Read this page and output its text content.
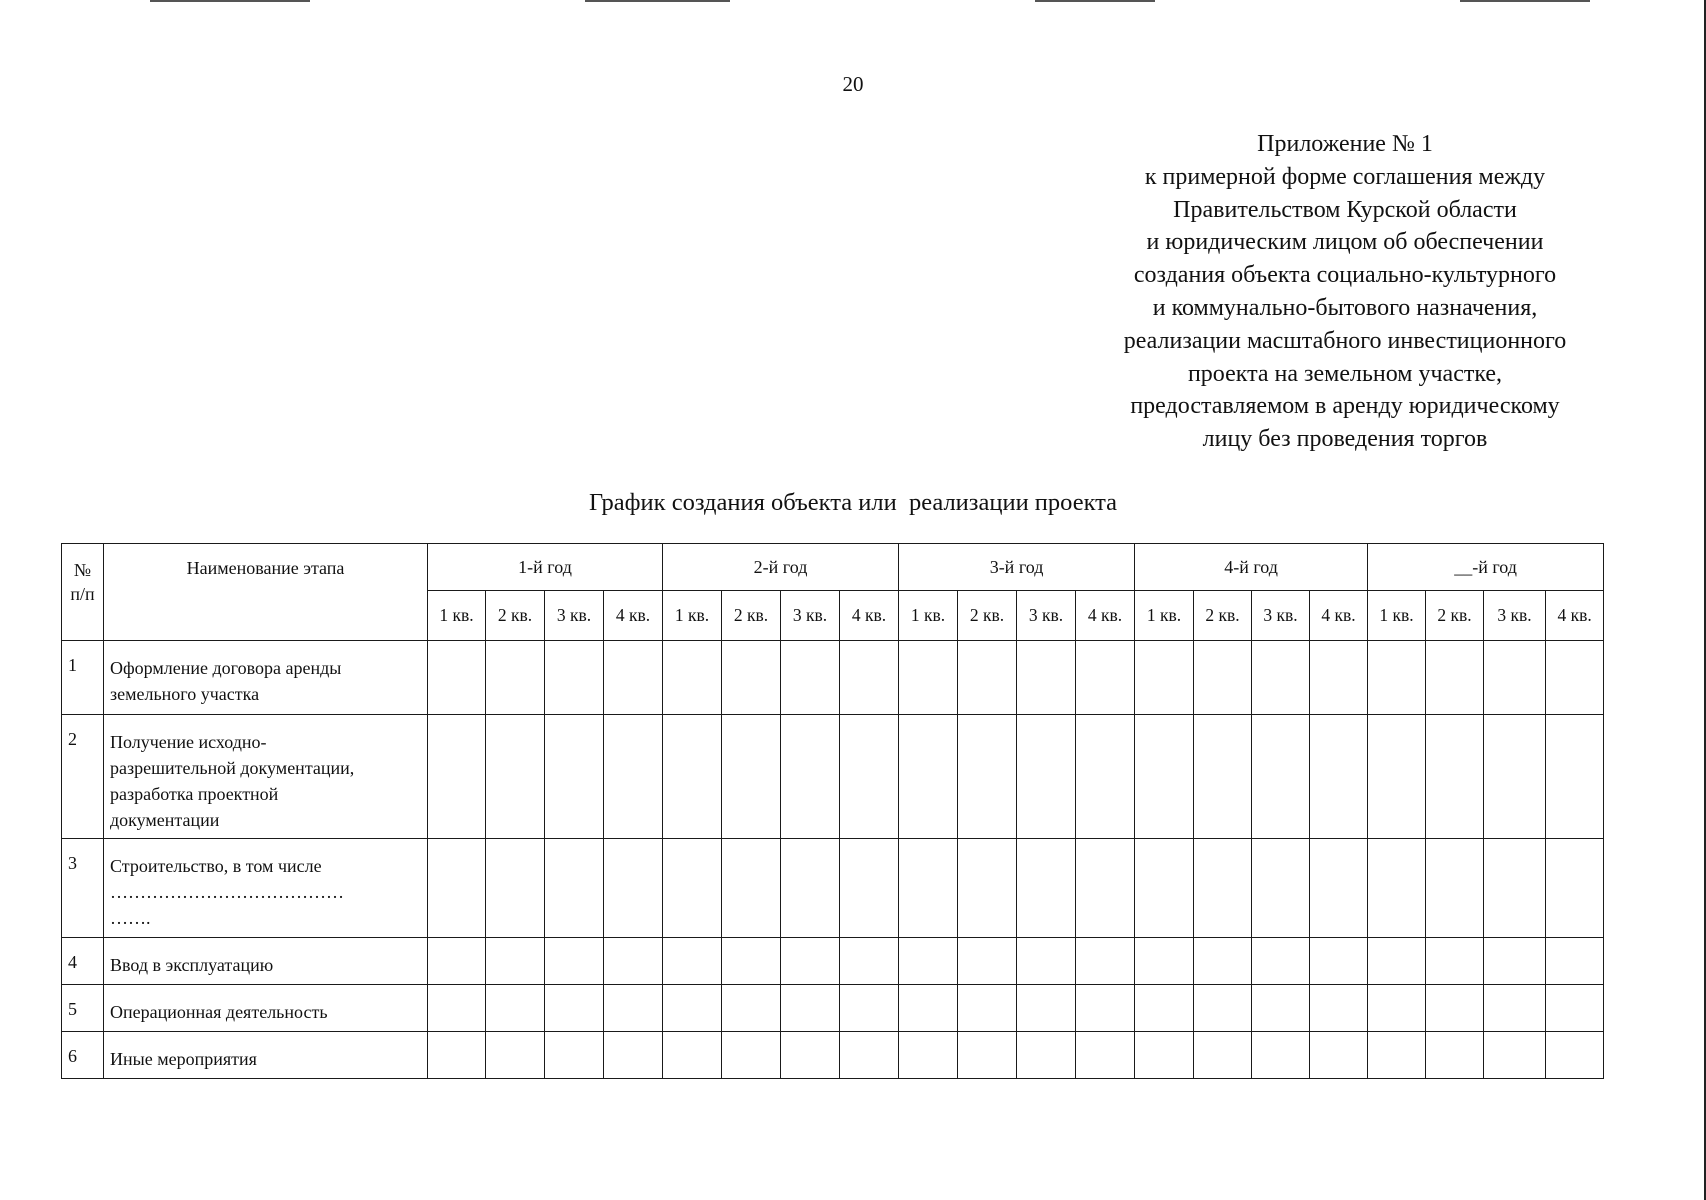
20
Приложение № 1
к примерной форме соглашения между
Правительством Курской области
и юридическим лицом об обеспечении
создания объекта социально-культурного
и коммунально-бытового назначения,
реализации масштабного инвестиционного
проекта на земельном участке,
предоставляемом в аренду юридическому
лицу без проведения торгов
График создания объекта или  реализации проекта
№
п/п	Наименование этапа	1-й год				2-й год				3-й год				4-й год				__-й год			
		1 кв.	2 кв.	3 кв.	4 кв.	1 кв.	2 кв.	3 кв.	4 кв.	1 кв.	2 кв.	3 кв.	4 кв.	1 кв.	2 кв.	3 кв.	4 кв.	1 кв.	2 кв.	3 кв.	4 кв.
1	Оформление договора аренды
земельного участка																				
2	Получение исходно-
разрешительной документации,
разработка проектной
документации																				
3	Строительство, в том числе
…………………………………
…….																				
4	Ввод в эксплуатацию																				
5	Операционная деятельность																				
6	Иные мероприятия																				
